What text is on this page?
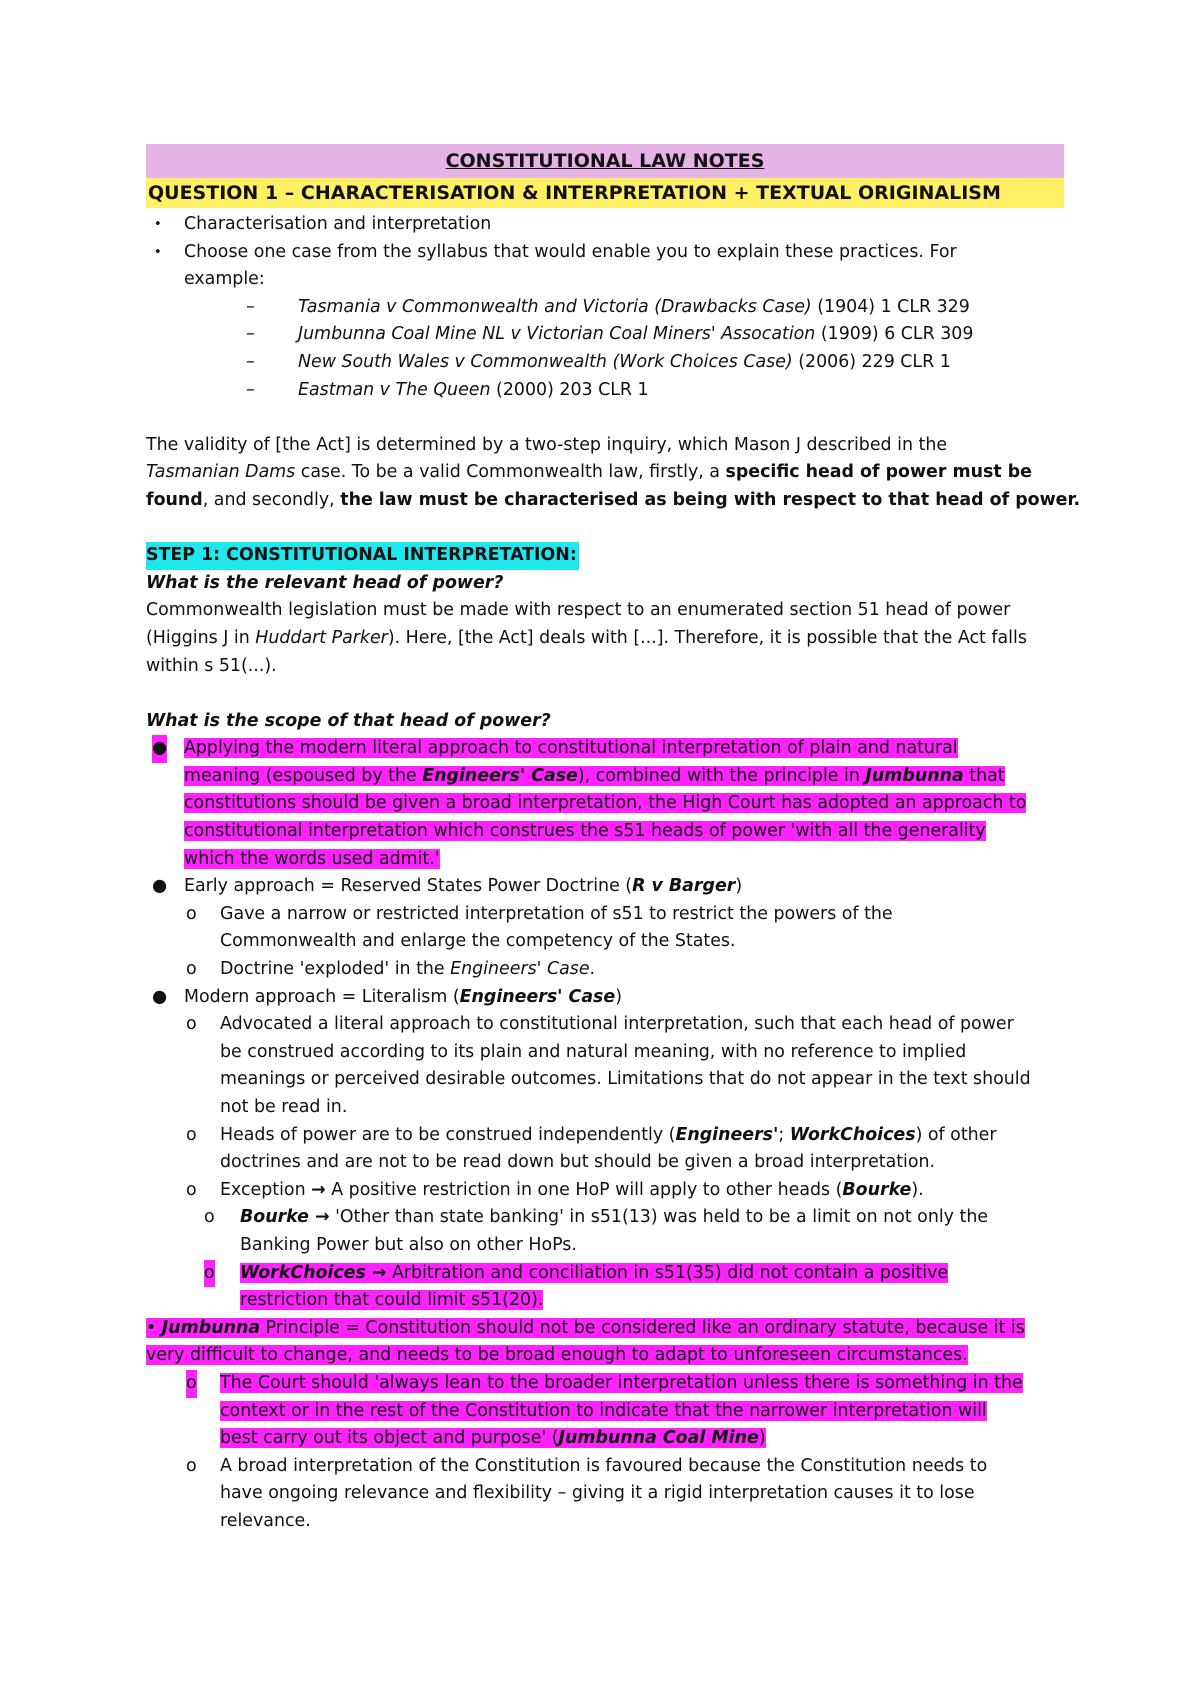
CONSTITUTIONAL LAW NOTES
QUESTION 1 – CHARACTERISATION & INTERPRETATION + TEXTUAL ORIGINALISM
• Characterisation and interpretation
• Choose one case from the syllabus that would enable you to explain these practices. For
example:
– Tasmania v Commonwealth and Victoria (Drawbacks Case) (1904) 1 CLR 329
– Jumbunna Coal Mine NL v Victorian Coal Miners' Assocation (1909) 6 CLR 309
– New South Wales v Commonwealth (Work Choices Case) (2006) 229 CLR 1
– Eastman v The Queen (2000) 203 CLR 1
The validity of [the Act] is determined by a two-step inquiry, which Mason J described in the
Tasmanian Dams case. To be a valid Commonwealth law, firstly, a specific head of power must be
found, and secondly, the law must be characterised as being with respect to that head of power.
STEP 1: CONSTITUTIONAL INTERPRETATION:
What is the relevant head of power?
Commonwealth legislation must be made with respect to an enumerated section 51 head of power
(Higgins J in Huddart Parker). Here, [the Act] deals with [...]. Therefore, it is possible that the Act falls
within s 51(...).
What is the scope of that head of power?
● Applying the modern literal approach to constitutional interpretation of plain and natural
meaning (espoused by the Engineers' Case), combined with the principle in Jumbunna that
constitutions should be given a broad interpretation, the High Court has adopted an approach to
constitutional interpretation which construes the s51 heads of power 'with all the generality
which the words used admit.'
● Early approach = Reserved States Power Doctrine (R v Barger)
o Gave a narrow or restricted interpretation of s51 to restrict the powers of the
Commonwealth and enlarge the competency of the States.
o Doctrine 'exploded' in the Engineers' Case.
● Modern approach = Literalism (Engineers' Case)
o Advocated a literal approach to constitutional interpretation, such that each head of power
be construed according to its plain and natural meaning, with no reference to implied
meanings or perceived desirable outcomes. Limitations that do not appear in the text should
not be read in.
o Heads of power are to be construed independently (Engineers'; WorkChoices) of other
doctrines and are not to be read down but should be given a broad interpretation.
o Exception → A positive restriction in one HoP will apply to other heads (Bourke).
o Bourke → 'Other than state banking' in s51(13) was held to be a limit on not only the
Banking Power but also on other HoPs.
o WorkChoices → Arbitration and conciliation in s51(35) did not contain a positive
restriction that could limit s51(20).
• Jumbunna Principle = Constitution should not be considered like an ordinary statute, because it is
very difficult to change, and needs to be broad enough to adapt to unforeseen circumstances.
o The Court should 'always lean to the broader interpretation unless there is something in the
context or in the rest of the Constitution to indicate that the narrower interpretation will
best carry out its object and purpose' (Jumbunna Coal Mine)
o A broad interpretation of the Constitution is favoured because the Constitution needs to
have ongoing relevance and flexibility – giving it a rigid interpretation causes it to lose
relevance.
